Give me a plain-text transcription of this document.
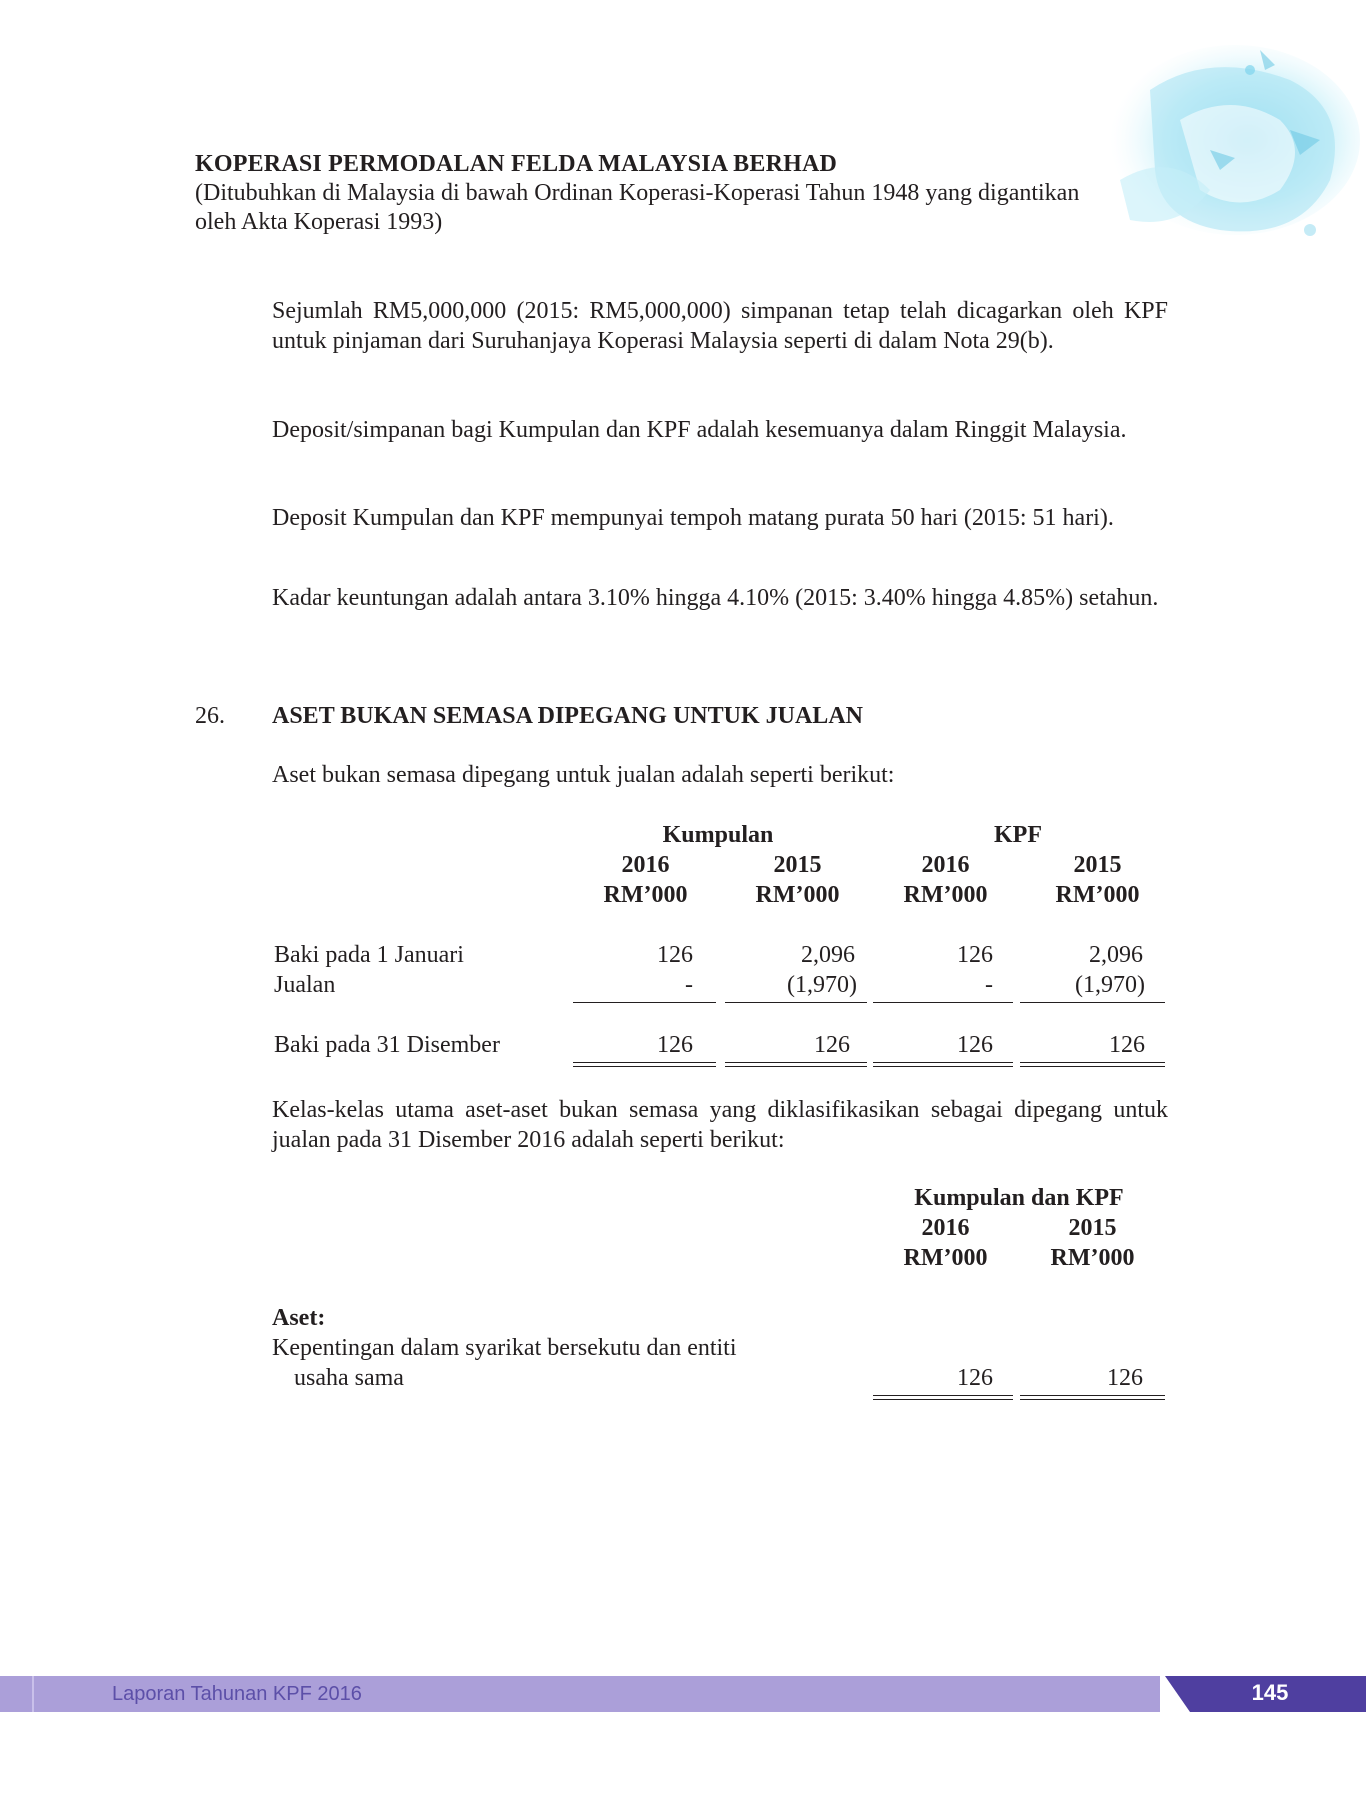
KOPERASI PERMODALAN FELDA MALAYSIA BERHAD
(Ditubuhkan di Malaysia di bawah Ordinan Koperasi-Koperasi Tahun 1948 yang digantikan
oleh Akta Koperasi 1993)
Sejumlah RM5,000,000 (2015: RM5,000,000) simpanan tetap telah dicagarkan oleh KPF untuk pinjaman dari Suruhanjaya Koperasi Malaysia seperti di dalam Nota 29(b).
Deposit/simpanan bagi Kumpulan dan KPF adalah kesemuanya dalam Ringgit Malaysia.
Deposit Kumpulan dan KPF mempunyai tempoh matang purata 50 hari (2015: 51 hari).
Kadar keuntungan adalah antara 3.10% hingga 4.10% (2015: 3.40% hingga 4.85%) setahun.
26. ASET BUKAN SEMASA DIPEGANG UNTUK JUALAN
Aset bukan semasa dipegang untuk jualan adalah seperti berikut:
Kumpulan	KPF
2016	2015	2016	2015
RM’000	RM’000	RM’000	RM’000
Baki pada 1 Januari	126	2,096	126	2,096
Jualan	-	(1,970)	-	(1,970)
Baki pada 31 Disember	126	126	126	126
Kelas-kelas utama aset-aset bukan semasa yang diklasifikasikan sebagai dipegang untuk jualan pada 31 Disember 2016 adalah seperti berikut:
Kumpulan dan KPF
2016	2015
RM’000	RM’000
Aset:
Kepentingan dalam syarikat bersekutu dan entiti
usaha sama	126	126
Laporan Tahunan KPF 2016	145
